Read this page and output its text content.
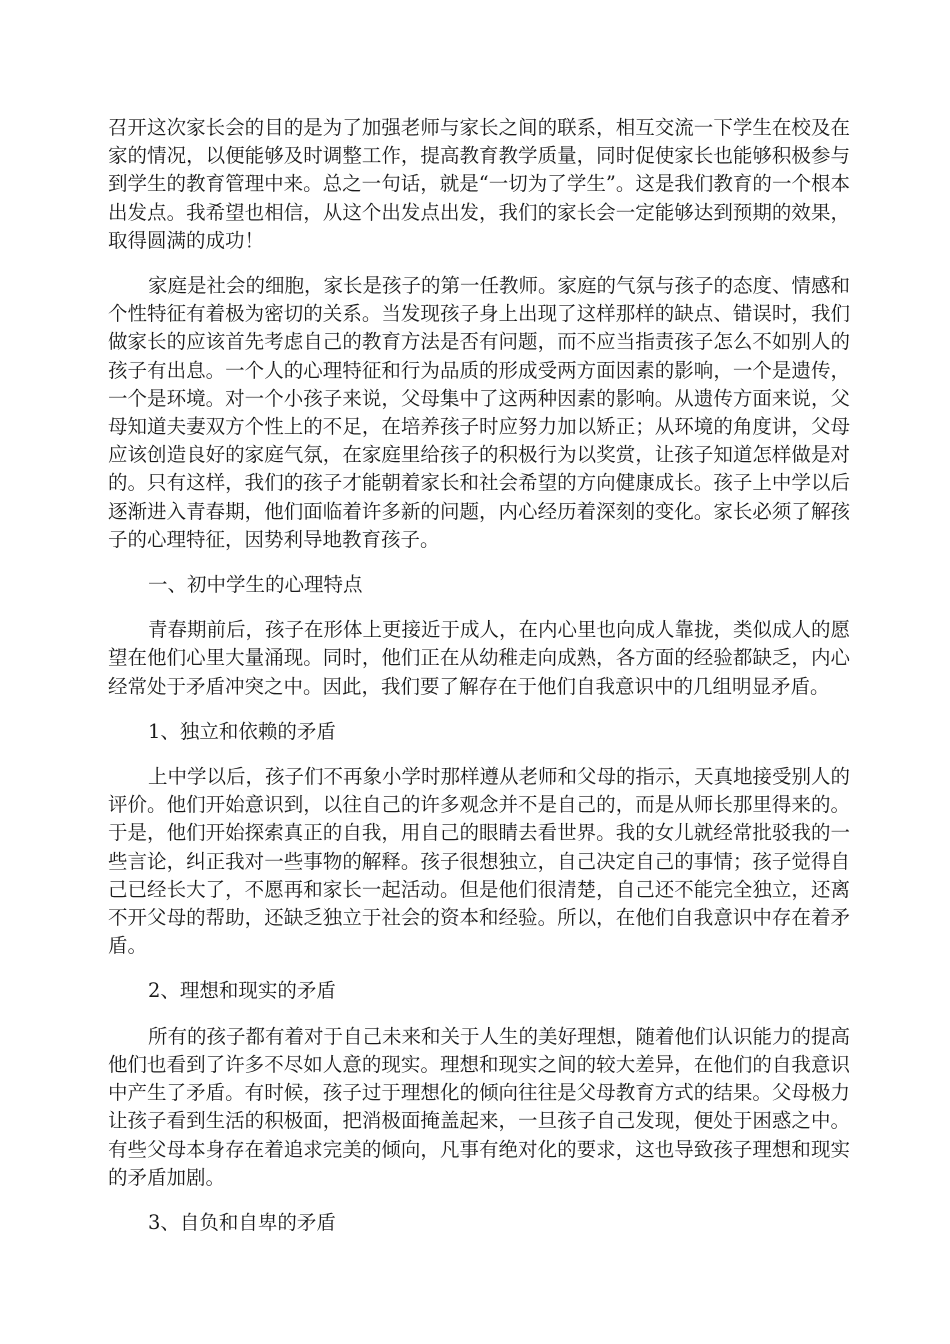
召开这次家长会的目的是为了加强老师与家长之间的联系，相互交流一下学生在校及在家的情况，以便能够及时调整工作，提高教育教学质量，同时促使家长也能够积极参与到学生的教育管理中来。总之一句话，就是“一切为了学生”。这是我们教育的一个根本出发点。我希望也相信，从这个出发点出发，我们的家长会一定能够达到预期的效果，取得圆满的成功！

家庭是社会的细胞，家长是孩子的第一任教师。家庭的气氛与孩子的态度、情感和个性特征有着极为密切的关系。当发现孩子身上出现了这样那样的缺点、错误时，我们做家长的应该首先考虑自己的教育方法是否有问题，而不应当指责孩子怎么不如别人的孩子有出息。一个人的心理特征和行为品质的形成受两方面因素的影响，一个是遗传，一个是环境。对一个小孩子来说，父母集中了这两种因素的影响。从遗传方面来说，父母知道夫妻双方个性上的不足，在培养孩子时应努力加以矫正；从环境的角度讲，父母应该创造良好的家庭气氛，在家庭里给孩子的积极行为以奖赏，让孩子知道怎样做是对的。只有这样，我们的孩子才能朝着家长和社会希望的方向健康成长。孩子上中学以后逐渐进入青春期，他们面临着许多新的问题，内心经历着深刻的变化。家长必须了解孩子的心理特征，因势利导地教育孩子。

一、初中学生的心理特点

青春期前后，孩子在形体上更接近于成人，在内心里也向成人靠拢，类似成人的愿望在他们心里大量涌现。同时，他们正在从幼稚走向成熟，各方面的经验都缺乏，内心经常处于矛盾冲突之中。因此，我们要了解存在于他们自我意识中的几组明显矛盾。

1、独立和依赖的矛盾

上中学以后，孩子们不再象小学时那样遵从老师和父母的指示，天真地接受别人的评价。他们开始意识到，以往自己的许多观念并不是自己的，而是从师长那里得来的。于是，他们开始探索真正的自我，用自己的眼睛去看世界。我的女儿就经常批驳我的一些言论，纠正我对一些事物的解释。孩子很想独立，自己决定自己的事情；孩子觉得自己已经长大了，不愿再和家长一起活动。但是他们很清楚，自己还不能完全独立，还离不开父母的帮助，还缺乏独立于社会的资本和经验。所以，在他们自我意识中存在着矛盾。

2、理想和现实的矛盾

所有的孩子都有着对于自己未来和关于人生的美好理想，随着他们认识能力的提高他们也看到了许多不尽如人意的现实。理想和现实之间的较大差异，在他们的自我意识中产生了矛盾。有时候，孩子过于理想化的倾向往往是父母教育方式的结果。父母极力让孩子看到生活的积极面，把消极面掩盖起来，一旦孩子自己发现，便处于困惑之中。有些父母本身存在着追求完美的倾向，凡事有绝对化的要求，这也导致孩子理想和现实的矛盾加剧。

3、自负和自卑的矛盾
